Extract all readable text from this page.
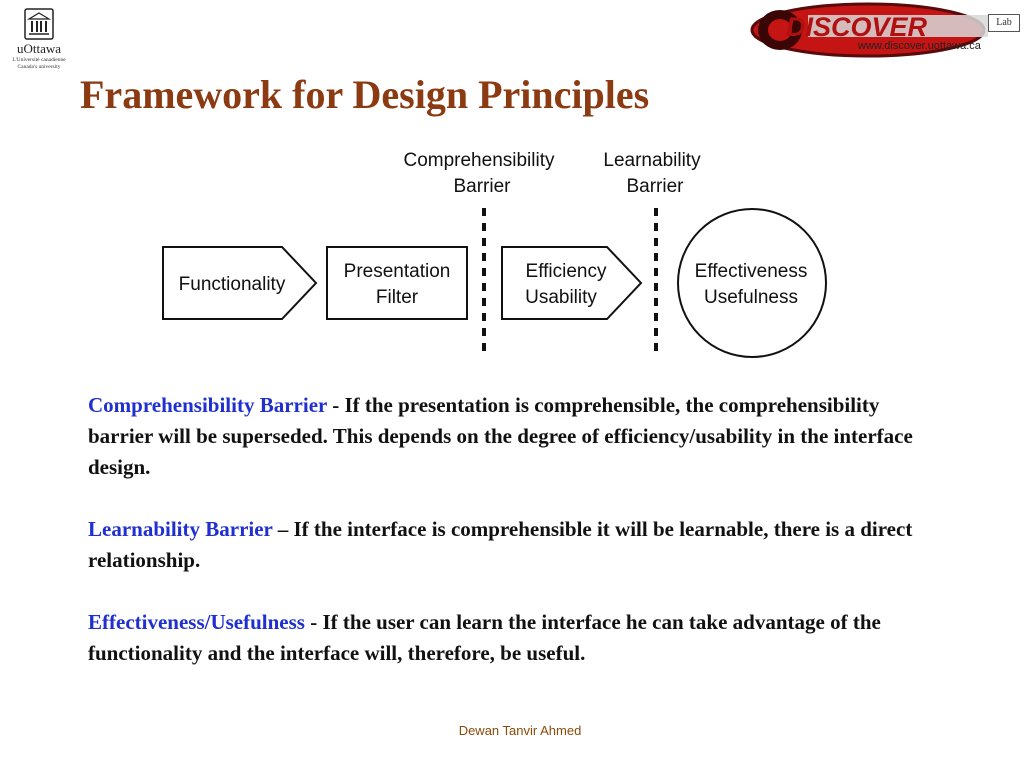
uOttawa
L'Université canadienne
Canada's university
DISCOVER	Lab
www.discover.uottawa.ca
Framework for Design Principles
Comprehensibility
Barrier
Learnability
Barrier
Functionality
Presentation
Filter
Efficiency
Usability
Effectiveness
Usefulness

Comprehensibility Barrier - If the presentation is comprehensible, the comprehensibility barrier will be superseded. This depends on the degree of efficiency/usability in the interface design.

Learnability Barrier – If the interface is comprehensible it will be learnable, there is a direct relationship.

Effectiveness/Usefulness - If the user can learn the interface he can take advantage of the functionality and the interface will, therefore, be useful.

Dewan Tanvir Ahmed
